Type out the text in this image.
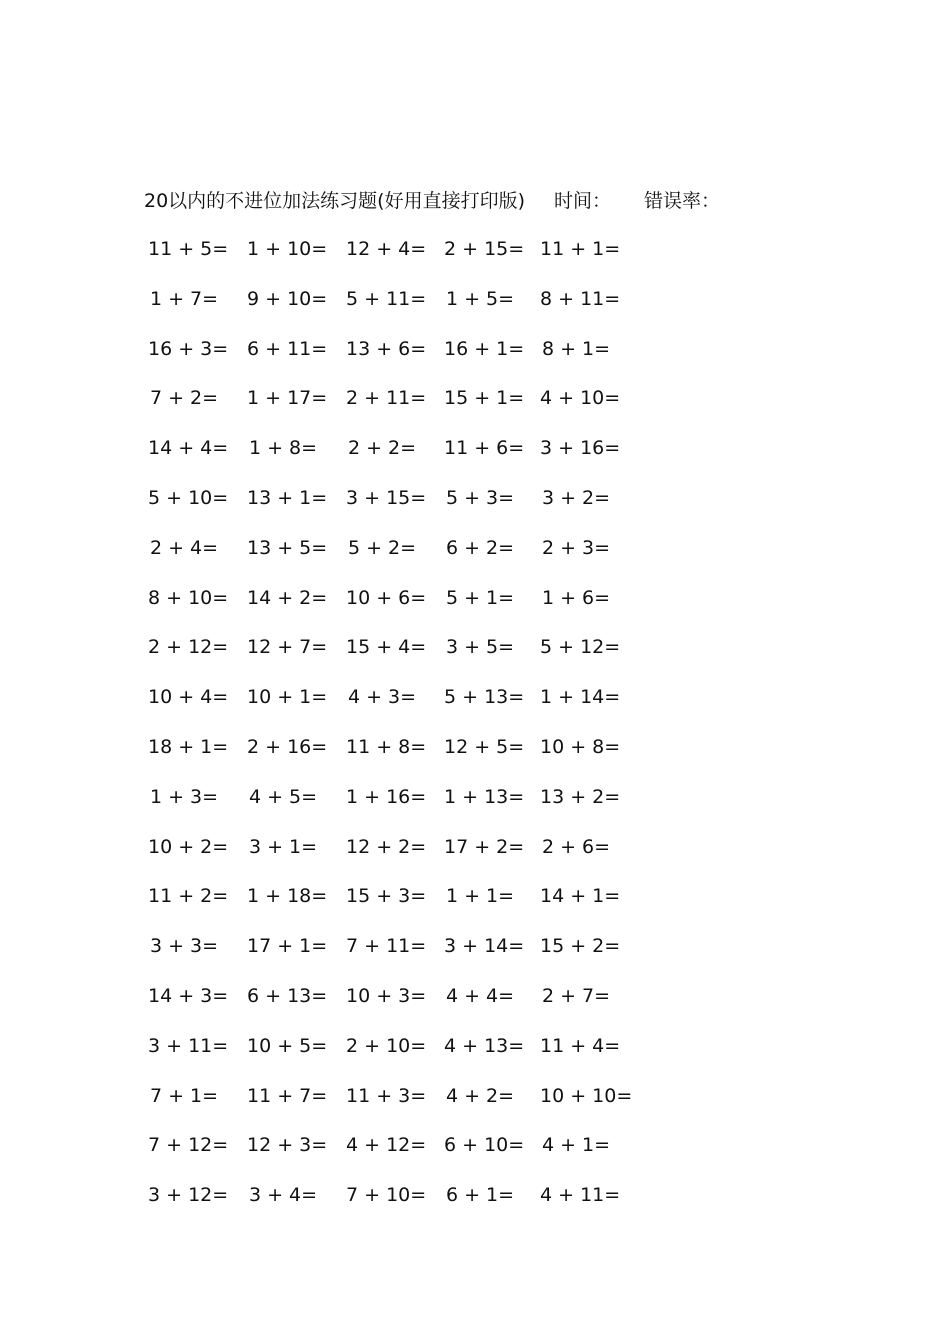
20以内的不进位加法练习题(好用直接打印版) 时间： 错误率：
11 + 5= 1 + 10= 12 + 4= 2 + 15= 11 + 1=
1 + 7= 9 + 10= 5 + 11= 1 + 5= 8 + 11=
16 + 3= 6 + 11= 13 + 6= 16 + 1= 8 + 1=
7 + 2= 1 + 17= 2 + 11= 15 + 1= 4 + 10=
14 + 4= 1 + 8= 2 + 2= 11 + 6= 3 + 16=
5 + 10= 13 + 1= 3 + 15= 5 + 3= 3 + 2=
2 + 4= 13 + 5= 5 + 2= 6 + 2= 2 + 3=
8 + 10= 14 + 2= 10 + 6= 5 + 1= 1 + 6=
2 + 12= 12 + 7= 15 + 4= 3 + 5= 5 + 12=
10 + 4= 10 + 1= 4 + 3= 5 + 13= 1 + 14=
18 + 1= 2 + 16= 11 + 8= 12 + 5= 10 + 8=
1 + 3= 4 + 5= 1 + 16= 1 + 13= 13 + 2=
10 + 2= 3 + 1= 12 + 2= 17 + 2= 2 + 6=
11 + 2= 1 + 18= 15 + 3= 1 + 1= 14 + 1=
3 + 3= 17 + 1= 7 + 11= 3 + 14= 15 + 2=
14 + 3= 6 + 13= 10 + 3= 4 + 4= 2 + 7=
3 + 11= 10 + 5= 2 + 10= 4 + 13= 11 + 4=
7 + 1= 11 + 7= 11 + 3= 4 + 2= 10 + 10=
7 + 12= 12 + 3= 4 + 12= 6 + 10= 4 + 1=
3 + 12= 3 + 4= 7 + 10= 6 + 1= 4 + 11=
